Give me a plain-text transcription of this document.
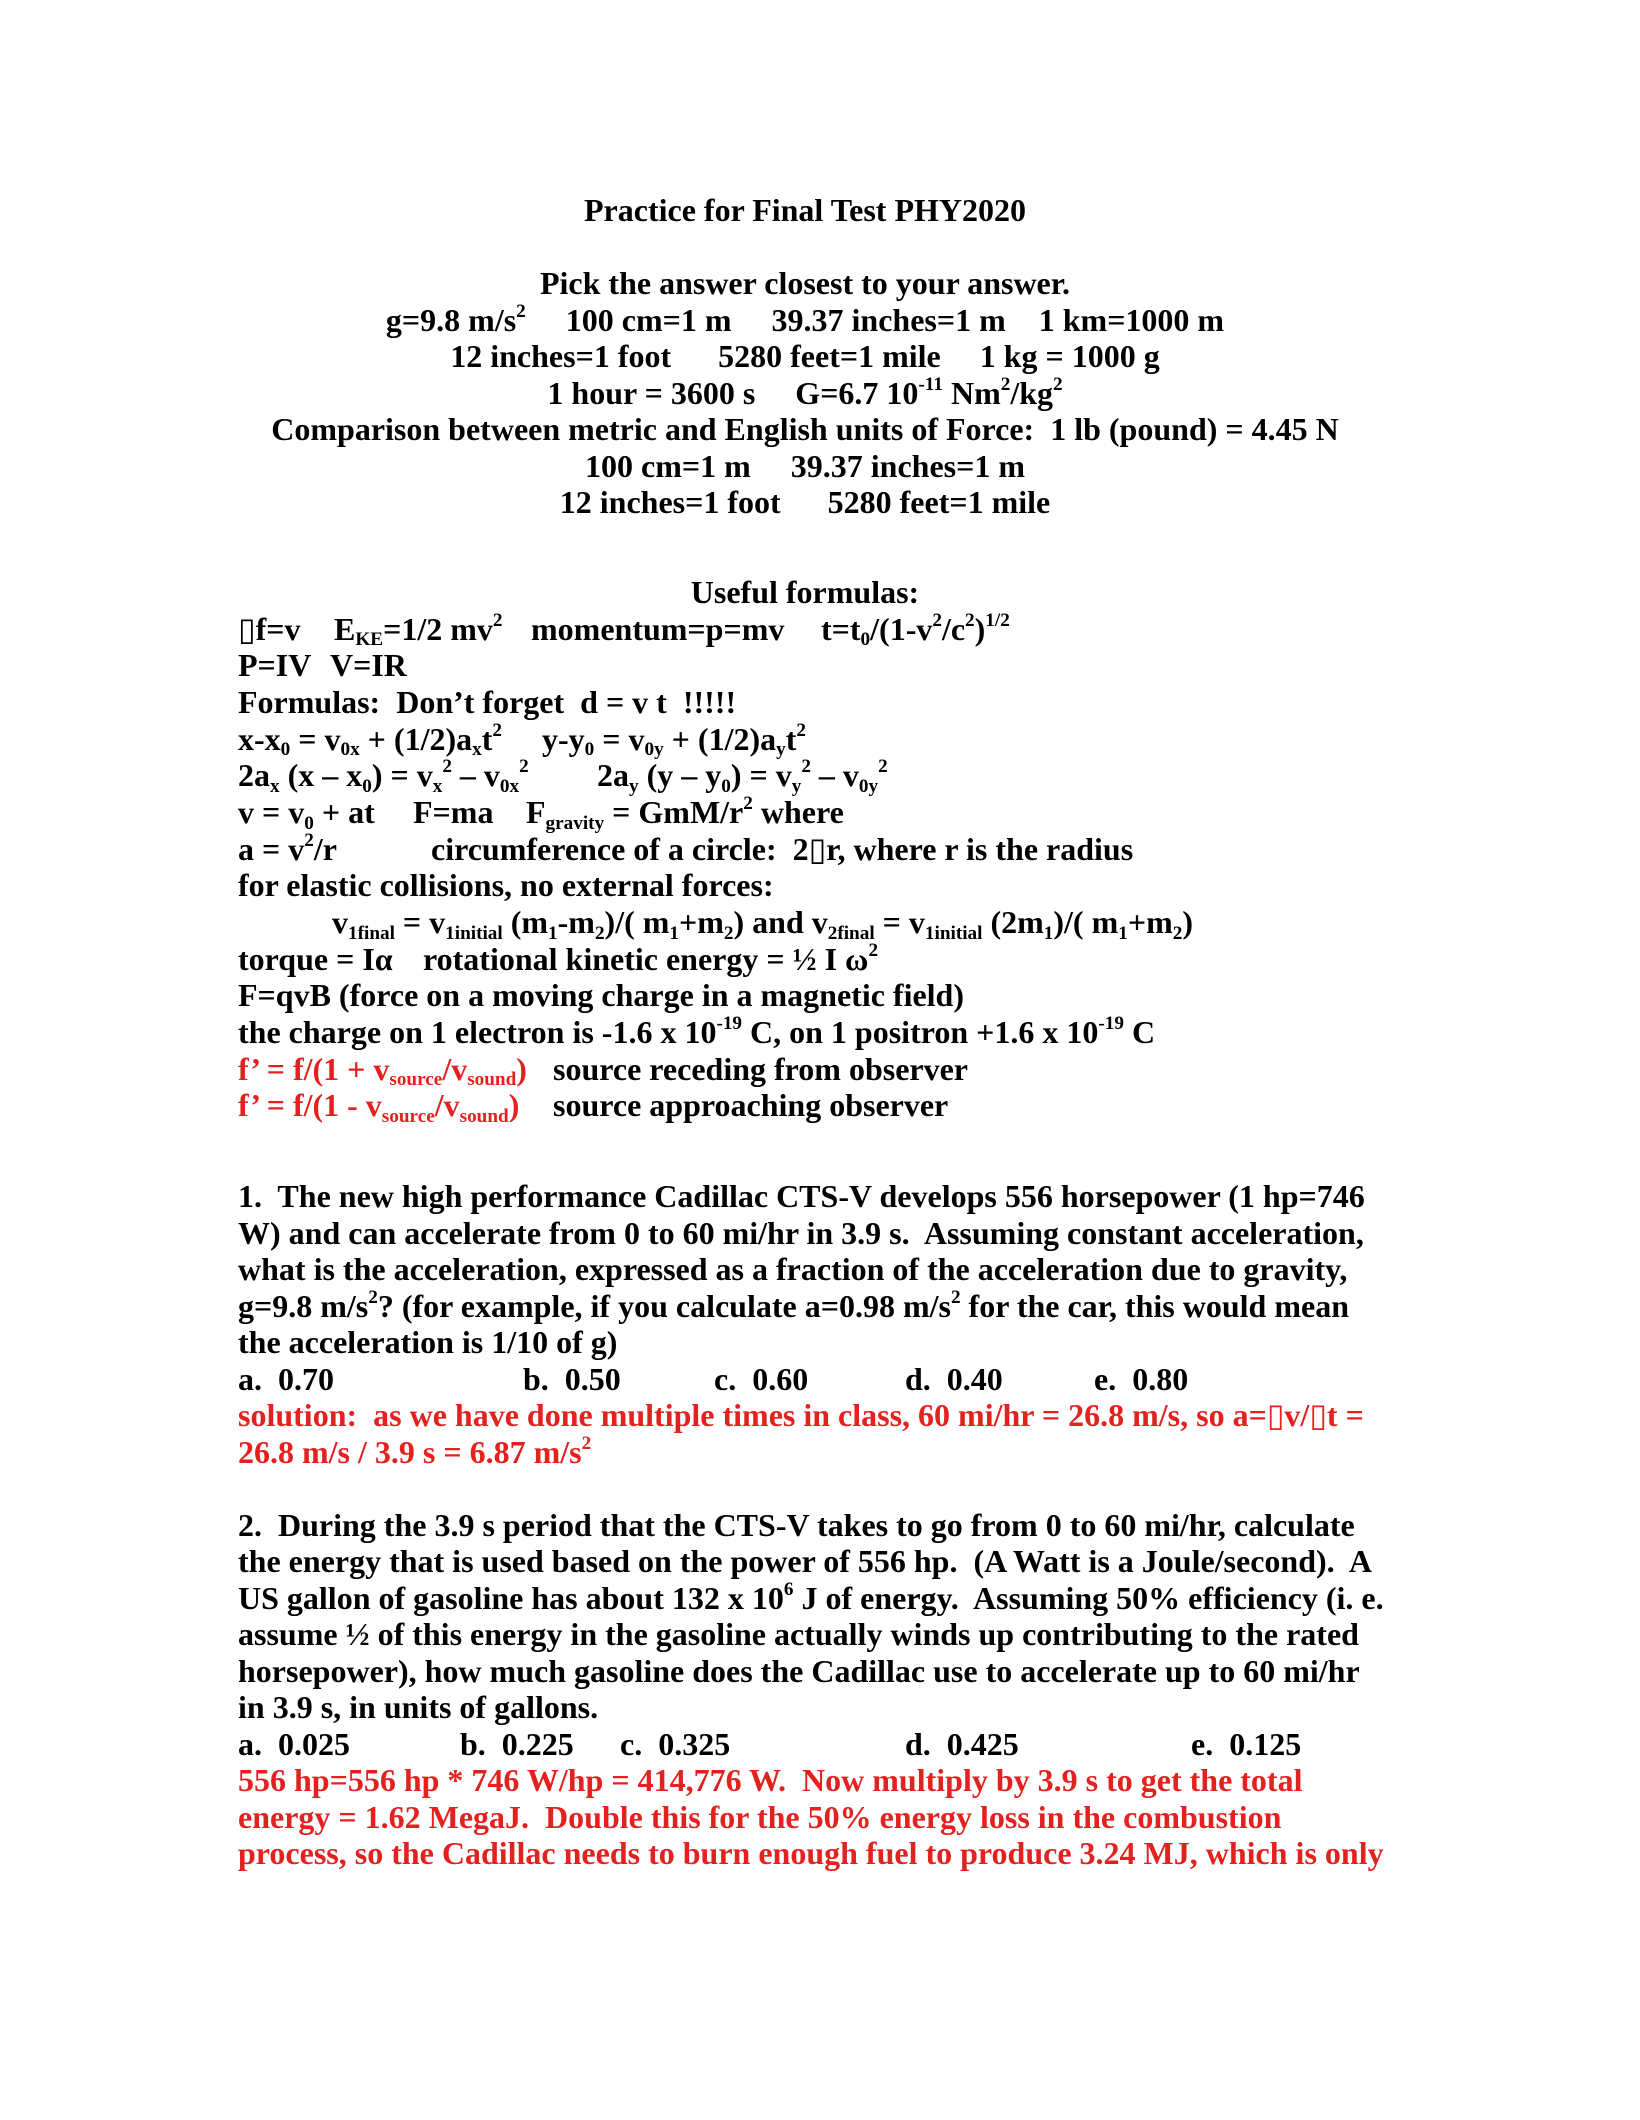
Practice for Final Test PHY2020
Pick the answer closest to your answer.
g=9.8 $m/s^2$ 100 cm=1 m 39.37 inches=1 m 1 km=1000 m
12 inches=1 foot 5280 feet=1 mile 1 kg = 1000 g
1 hour = 3600 s G=6.7 $10^{-11}$ $Nm^2/kg^2$
Comparison between metric and English units of Force:  1 lb (pound) = 4.45 N
100 cm=1 m 39.37 inches=1 m
12 inches=1 foot 5280 feet=1 mile
Useful formulas:
▯f=v EKE=1/2 $mv^2$ momentum=p=mv $t=t0/(1-v^2/c^2)^{1/2}$
P=IV V=IR
Formulas:  Don’t forget  d = v t  !!!!!
x-x0 = v0x + (1/2)axt$^2$ y-y0 = v0y + (1/2)ayt$^2$
2ax $(x - x0) = vx^2 - v0x^2$ 2ay $(y - y0) = vy^2 - v0y^2$
v = v0 + at F=ma Fgravity = GmM/$r^2$ where
$a = v^2/r$	circumference of a circle:  2▯r, where r is the radius
for elastic collisions, no external forces:
v1final = v1initial (m1-m2)/( m1+m2) and v2final = v1initial (2m1)/( m1+m2)
torque = Iα rotational kinetic energy = ½ I $\omega^2$
F=qvB (force on a moving charge in a magnetic field)
the charge on 1 electron is -1.6 x $10^{-19}$ C, on 1 positron +1.6 x $10^{-19}$ C
f’ = f/(1 + vsource/vsound) source receding from observer
f’ = f/(1 - vsource/vsound) source approaching observer
1.  The new high performance Cadillac CTS-V develops 556 horsepower (1 hp=746
W) and can accelerate from 0 to 60 mi/hr in 3.9 s.  Assuming constant acceleration,
what is the acceleration, expressed as a fraction of the acceleration due to gravity,
g=9.8 $m/s^2$? (for example, if you calculate a=0.98 $m/s^2$ for the car, this would mean
the acceleration is 1/10 of g)
a.  0.70	b.  0.50	c.  0.60	d.  0.40	e.  0.80
solution:  as we have done multiple times in class, 60 mi/hr = 26.8 m/s, so a=▯v/▯t =
26.8 m/s / 3.9 s = 6.87 $m/s^2$
2.  During the 3.9 s period that the CTS-V takes to go from 0 to 60 mi/hr, calculate
the energy that is used based on the power of 556 hp.  (A Watt is a Joule/second).  A
US gallon of gasoline has about 132 x $10^6$ J of energy.  Assuming 50% efficiency (i. e.
assume ½ of this energy in the gasoline actually winds up contributing to the rated
horsepower), how much gasoline does the Cadillac use to accelerate up to 60 mi/hr
in 3.9 s, in units of gallons.
a.  0.025	b.  0.225 c.  0.325	d.  0.425	e.  0.125
556 hp=556 hp * 746 W/hp = 414,776 W.  Now multiply by 3.9 s to get the total
energy = 1.62 MegaJ.  Double this for the 50% energy loss in the combustion
process, so the Cadillac needs to burn enough fuel to produce 3.24 MJ, which is only
